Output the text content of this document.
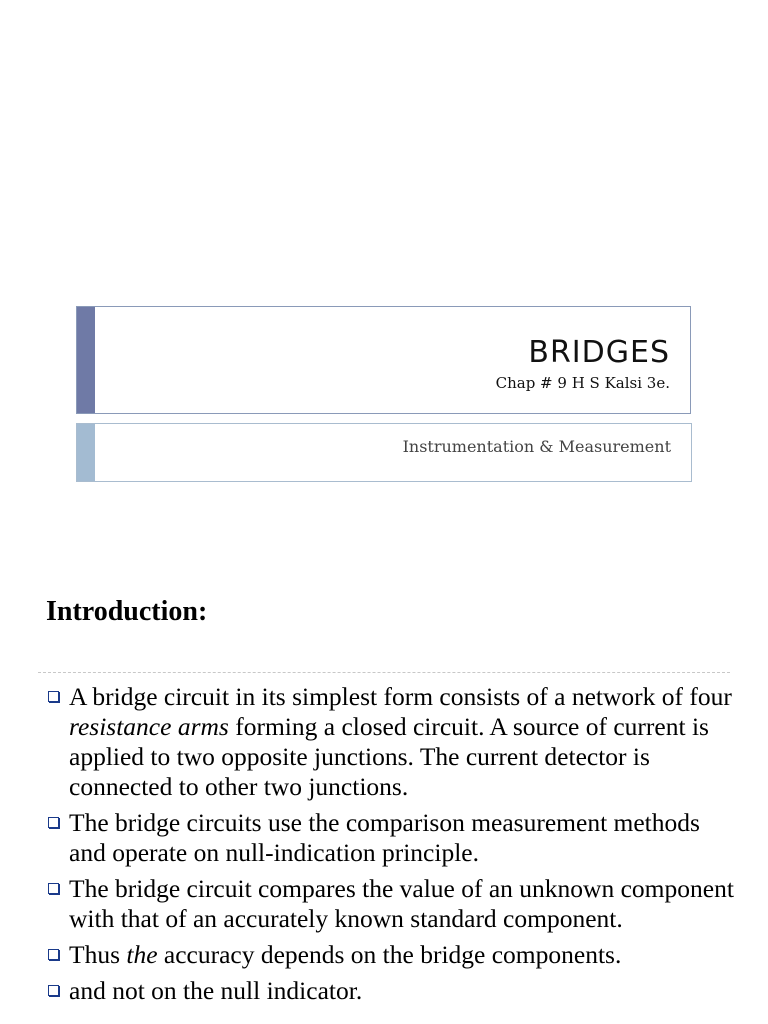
BRIDGES
Chap # 9 H S Kalsi 3e.
Instrumentation & Measurement
Introduction:
A bridge circuit in its simplest form consists of a network of four resistance arms forming a closed circuit. A source of current is applied to two opposite junctions. The current detector is connected to other two junctions.
The bridge circuits use the comparison measurement methods and operate on null-indication principle.
The bridge circuit compares the value of an unknown component with that of an accurately known standard component.
Thus the accuracy depends on the bridge components.
and not on the null indicator.
